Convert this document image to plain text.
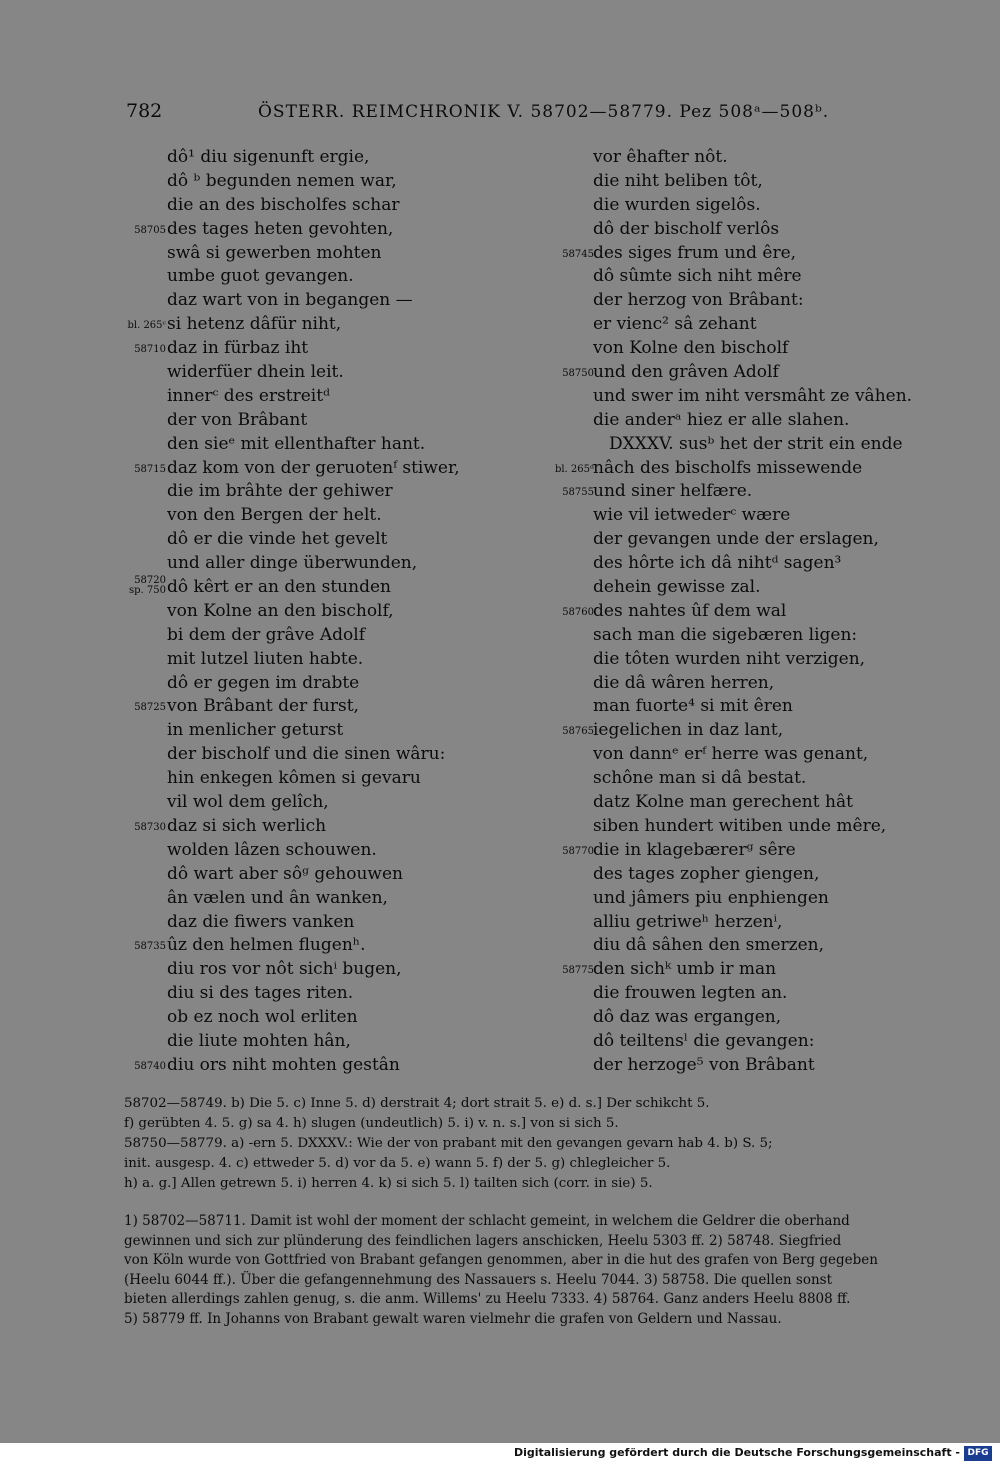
782	ÖSTERR. REIMCHRONIK V. 58702—58779. Pez 508ᵃ—508ᵇ.
dô¹ diu sigenunft ergie,
dô ᵇ begunden nemen war,
die an des bischolfes schar
58705 des tages heten gevohten,
swâ si gewerben mohten
umbe guot gevangen.
daz wart von in begangen —
bl. 265ᶜ si hetenz dâfür niht,
58710 daz in fürbaz iht
widerfüer dhein leit.
innerᶜ des erstreitᵈ
der von Brâbant
den sieᵉ mit ellenthafter hant.
58715 daz kom von der geruotenᶠ stiwer,
die im brâhte der gehiwer
von den Bergen der helt.
dô er die vinde het gevelt
und aller dinge überwunden,
58720
sp. 750 dô kêrt er an den stunden
von Kolne an den bischolf,
bi dem der grâve Adolf
mit lutzel liuten habte.
dô er gegen im drabte
58725 von Brâbant der furst,
in menlicher geturst
der bischolf und die sinen wâru:
hin enkegen kômen si gevaru
vil wol dem gelîch,
58730 daz si sich werlich
wolden lâzen schouwen.
dô wart aber sôᵍ gehouwen
ân vælen und ân wanken,
daz die fiwers vanken
58735 ûz den helmen flugenʰ.
diu ros vor nôt sichⁱ bugen,
diu si des tages riten.
ob ez noch wol erliten
die liute mohten hân,
58740 diu ors niht mohten gestân
vor êhafter nôt.
die niht beliben tôt,
die wurden sigelôs.
dô der bischolf verlôs
58745 des siges frum und êre,
dô sûmte sich niht mêre
der herzog von Brâbant:
er vienc² sâ zehant
von Kolne den bischolf
58750 und den grâven Adolf
und swer im niht versmâht ze vâhen.
die anderᵃ hiez er alle slahen.
DXXXV. susᵇ het der strit ein ende
bl. 265ᵈ nâch des bischolfs missewende
58755 und siner helfære.
wie vil ietwederᶜ wære
der gevangen unde der erslagen,
des hôrte ich dâ nihtᵈ sagen³
dehein gewisse zal.
58760 des nahtes ûf dem wal
sach man die sigebæren ligen:
die tôten wurden niht verzigen,
die dâ wâren herren,
man fuorte⁴ si mit êren
58765 iegelichen in daz lant,
von dannᵉ erᶠ herre was genant,
schône man si dâ bestat.
datz Kolne man gerechent hât
siben hundert witiben unde mêre,
58770 die in klagebærerᵍ sêre
des tages zopher giengen,
und jâmers piu enphiengen
alliu getriweʰ herzenⁱ,
diu dâ sâhen den smerzen,
58775 den sichᵏ umb ir man
die frouwen legten an.
dô daz was ergangen,
dô teiltensˡ die gevangen:
der herzoge⁵ von Brâbant
58702—58749. b) Die 5. c) Inne 5. d) derstrait 4; dort strait 5. e) d. s.] Der schikcht 5.
f) gerübten 4. 5. g) sa 4. h) slugen (undeutlich) 5. i) v. n. s.] von si sich 5.
58750—58779. a) -ern 5. DXXXV.: Wie der von prabant mit den gevangen gevarn hab 4. b) S. 5;
init. ausgesp. 4. c) ettweder 5. d) vor da 5. e) wann 5. f) der 5. g) chlegleicher 5.
h) a. g.] Allen getrewn 5. i) herren 4. k) si sich 5. l) tailten sich (corr. in sie) 5.
1) 58702—58711. Damit ist wohl der moment der schlacht gemeint, in welchem die Geldrer die oberhand
gewinnen und sich zur plünderung des feindlichen lagers anschicken, Heelu 5303 ff. 2) 58748. Siegfried
von Köln wurde von Gottfried von Brabant gefangen genommen, aber in die hut des grafen von Berg gegeben
(Heelu 6044 ff.). Über die gefangennehmung des Nassauers s. Heelu 7044. 3) 58758. Die quellen sonst
bieten allerdings zahlen genug, s. die anm. Willems' zu Heelu 7333. 4) 58764. Ganz anders Heelu 8808 ff.
5) 58779 ff. In Johanns von Brabant gewalt waren vielmehr die grafen von Geldern und Nassau.
Digitalisierung gefördert durch die Deutsche Forschungsgemeinschaft - DFG
